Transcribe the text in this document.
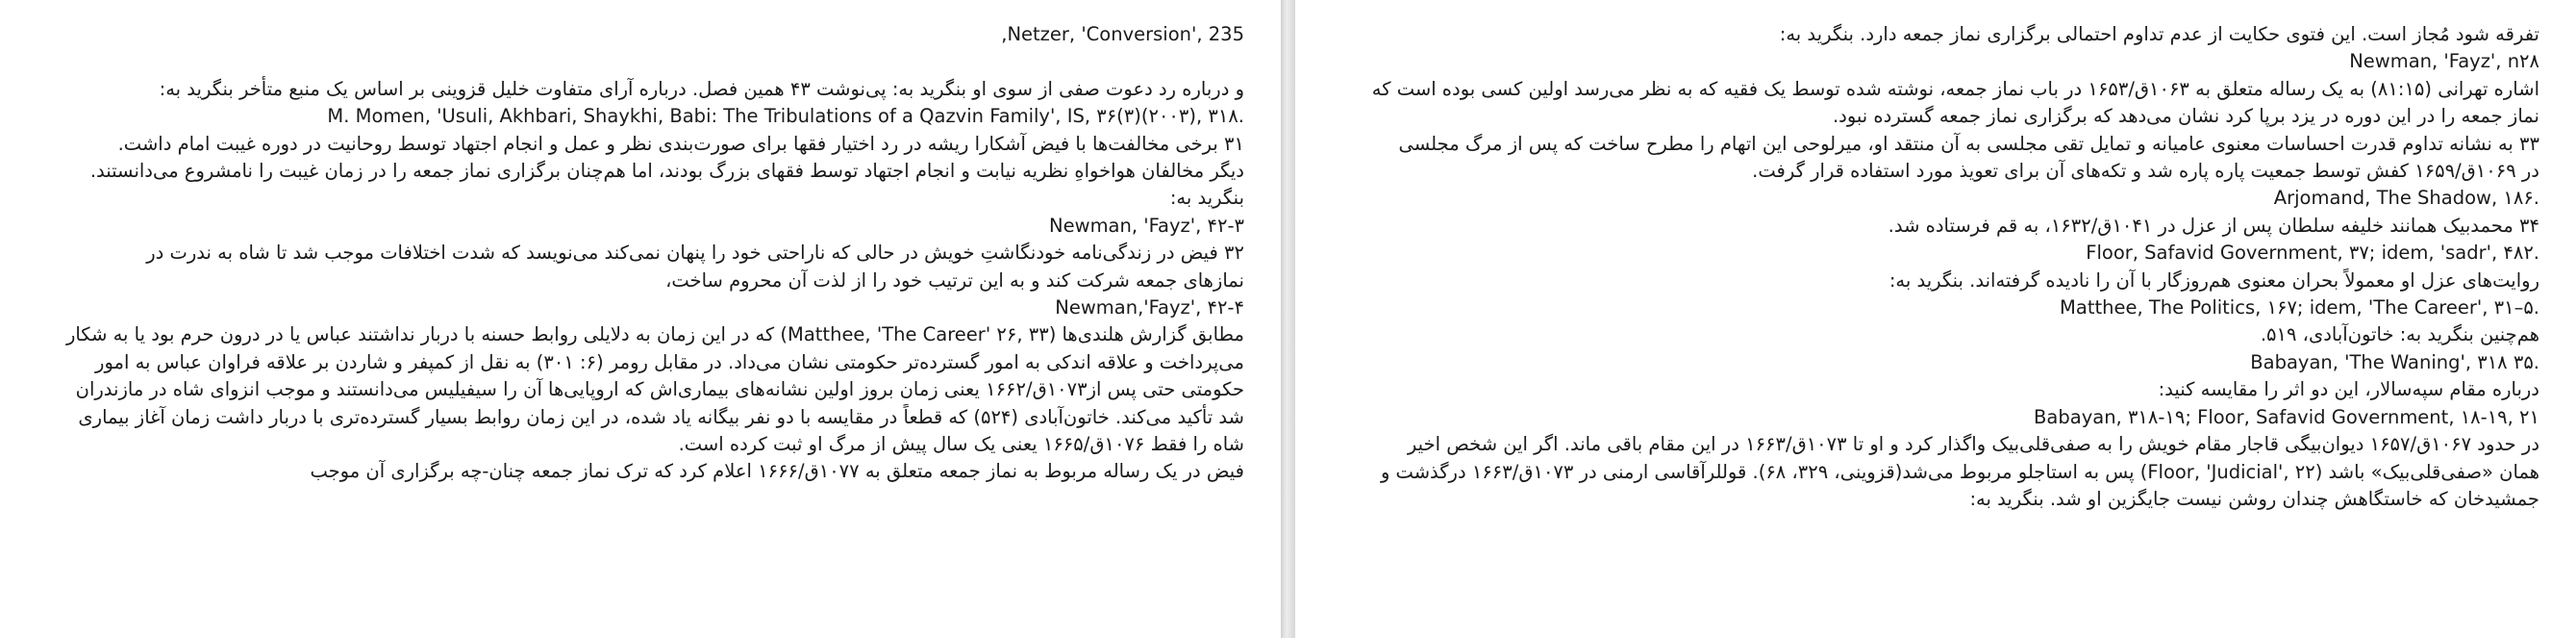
,Netzer, 'Conversion', 235
و درباره رد دعوت صفی از سوی او بنگرید به: پی‌نوشت ۴۳ همین فصل. درباره آرای متفاوت خلیل قزوینی بر اساس یک منبع متأخر بنگرید به:
M. Momen, 'Usuli, Akhbari, Shaykhi, Babi: The Tribulations of a Qazvin Family', IS, ۳۶(۳)(۲۰۰۳), ۳۱۸.
۳۱ برخی مخالفت‌ها با فیض آشکارا ریشه در رد اختیار فقها برای صورت‌بندی نظر و عمل و انجام اجتهاد توسط روحانیت در دوره غیبت امام داشت.
دیگر مخالفان هواخواهِ نظریه نیابت و انجام اجتهاد توسط فقهای بزرگ بودند، اما هم‌چنان برگزاری نماز جمعه را در زمان غیبت را نامشروع می‌دانستند.
بنگرید به:
Newman, 'Fayz', ۴۲-۳
۳۲ فیض در زندگی‌نامه خودنگاشتِ خویش در حالی که ناراحتی خود را پنهان نمی‌کند می‌نویسد که شدت اختلافات موجب شد تا شاه به ندرت در
نمازهای جمعه شرکت کند و به این ترتیب خود را از لذت آن محروم ساخت،
Newman,'Fayz', ۴۲-۴
مطابق گزارش هلندی‌ها (Matthee, 'The Career' ۲۶, ۳۳) که در این زمان به دلایلی روابط حسنه با دربار نداشتند عباس یا در درون حرم بود یا به شکار
می‌پرداخت و علاقه اندکی به امور گسترده‌تر حکومتی نشان می‌داد. در مقابل رومر (۶: ۳۰۱) به نقل از کمپفر و شاردن بر علاقه فراوان عباس به امور
حکومتی حتی پس از۱۰۷۳ق/۱۶۶۲ یعنی زمان بروز اولین نشانه‌های بیماری‌اش که اروپایی‌ها آن را سیفیلیس می‌دانستند و موجب انزوای شاه در مازندران
شد تأکید می‌کند. خاتون‌آبادی (۵۲۴) که قطعاً در مقایسه با دو نفر بیگانه یاد شده، در این زمان روابط بسیار گسترده‌تری با دربار داشت زمان آغاز بیماری
شاه را فقط ۱۰۷۶ق/۱۶۶۵ یعنی یک سال پیش از مرگ او ثبت کرده است.
فیض در یک رساله مربوط به نماز جمعه متعلق به ۱۰۷۷ق/۱۶۶۶ اعلام کرد که ترک نماز جمعه چنان-چه برگزاری آن موجب
تفرقه شود مُجاز است. این فتوی حکایت از عدم تداوم احتمالی برگزاری نماز جمعه دارد. بنگرید به:
Newman, 'Fayz', n۲۸
اشاره تهرانی (۸۱:۱۵) به یک رساله متعلق به ۱۰۶۳ق/۱۶۵۳ در باب نماز جمعه، نوشته شده توسط یک فقیه که به نظر می‌رسد اولین کسی بوده است که
نماز جمعه را در این دوره در یزد برپا کرد نشان می‌دهد که برگزاری نماز جمعه گسترده نبود.
۳۳ به نشانه تداوم قدرت احساسات معنوی عامیانه و تمایل تقی مجلسی به آن منتقد او، میرلوحی این اتهام را مطرح ساخت که پس از مرگ مجلسی
در ۱۰۶۹ق/۱۶۵۹ کفش توسط جمعیت پاره پاره شد و تکه‌های آن برای تعویذ مورد استفاده قرار گرفت.
Arjomand, The Shadow, ۱۸۶.
۳۴ محمدبیک همانند خلیفه سلطان پس از عزل در ۱۰۴۱ق/۱۶۳۲، به قم فرستاده شد.
Floor, Safavid Government, ۳۷; idem, 'sadr', ۴۸۲.
روایت‌های عزل او معمولاً بحران معنوی هم‌روزگار با آن را نادیده گرفته‌اند. بنگرید به:
Matthee, The Politics, ۱۶۷; idem, 'The Career', ۳۱–۵.
هم‌چنین بنگرید به: خاتون‌آبادی، ۵۱۹.
Babayan, 'The Waning', ۳۱۸ ۳۵.
درباره مقام سپه‌سالار، این دو اثر را مقایسه کنید:
Babayan, ۳۱۸-۱۹; Floor, Safavid Government, ۱۸-۱۹, ۲۱
در حدود ۱۰۶۷ق/۱۶۵۷ دیوان‌بیگی قاجار مقام خویش را به صفی‌قلی‌بیک واگذار کرد و او تا ۱۰۷۳ق/۱۶۶۳ در این مقام باقی ماند. اگر این شخص اخیر
همان «صفی‌قلی‌بیک» باشد (Floor, 'Judicial', ۲۲) پس به استاجلو مربوط می‌شد(قزوینی، ۳۲۹، ۶۸). قوللرآقاسی ارمنی در ۱۰۷۳ق/۱۶۶۳ درگذشت و
جمشیدخان که خاستگاهش چندان روشن نیست جایگزین او شد. بنگرید به:
